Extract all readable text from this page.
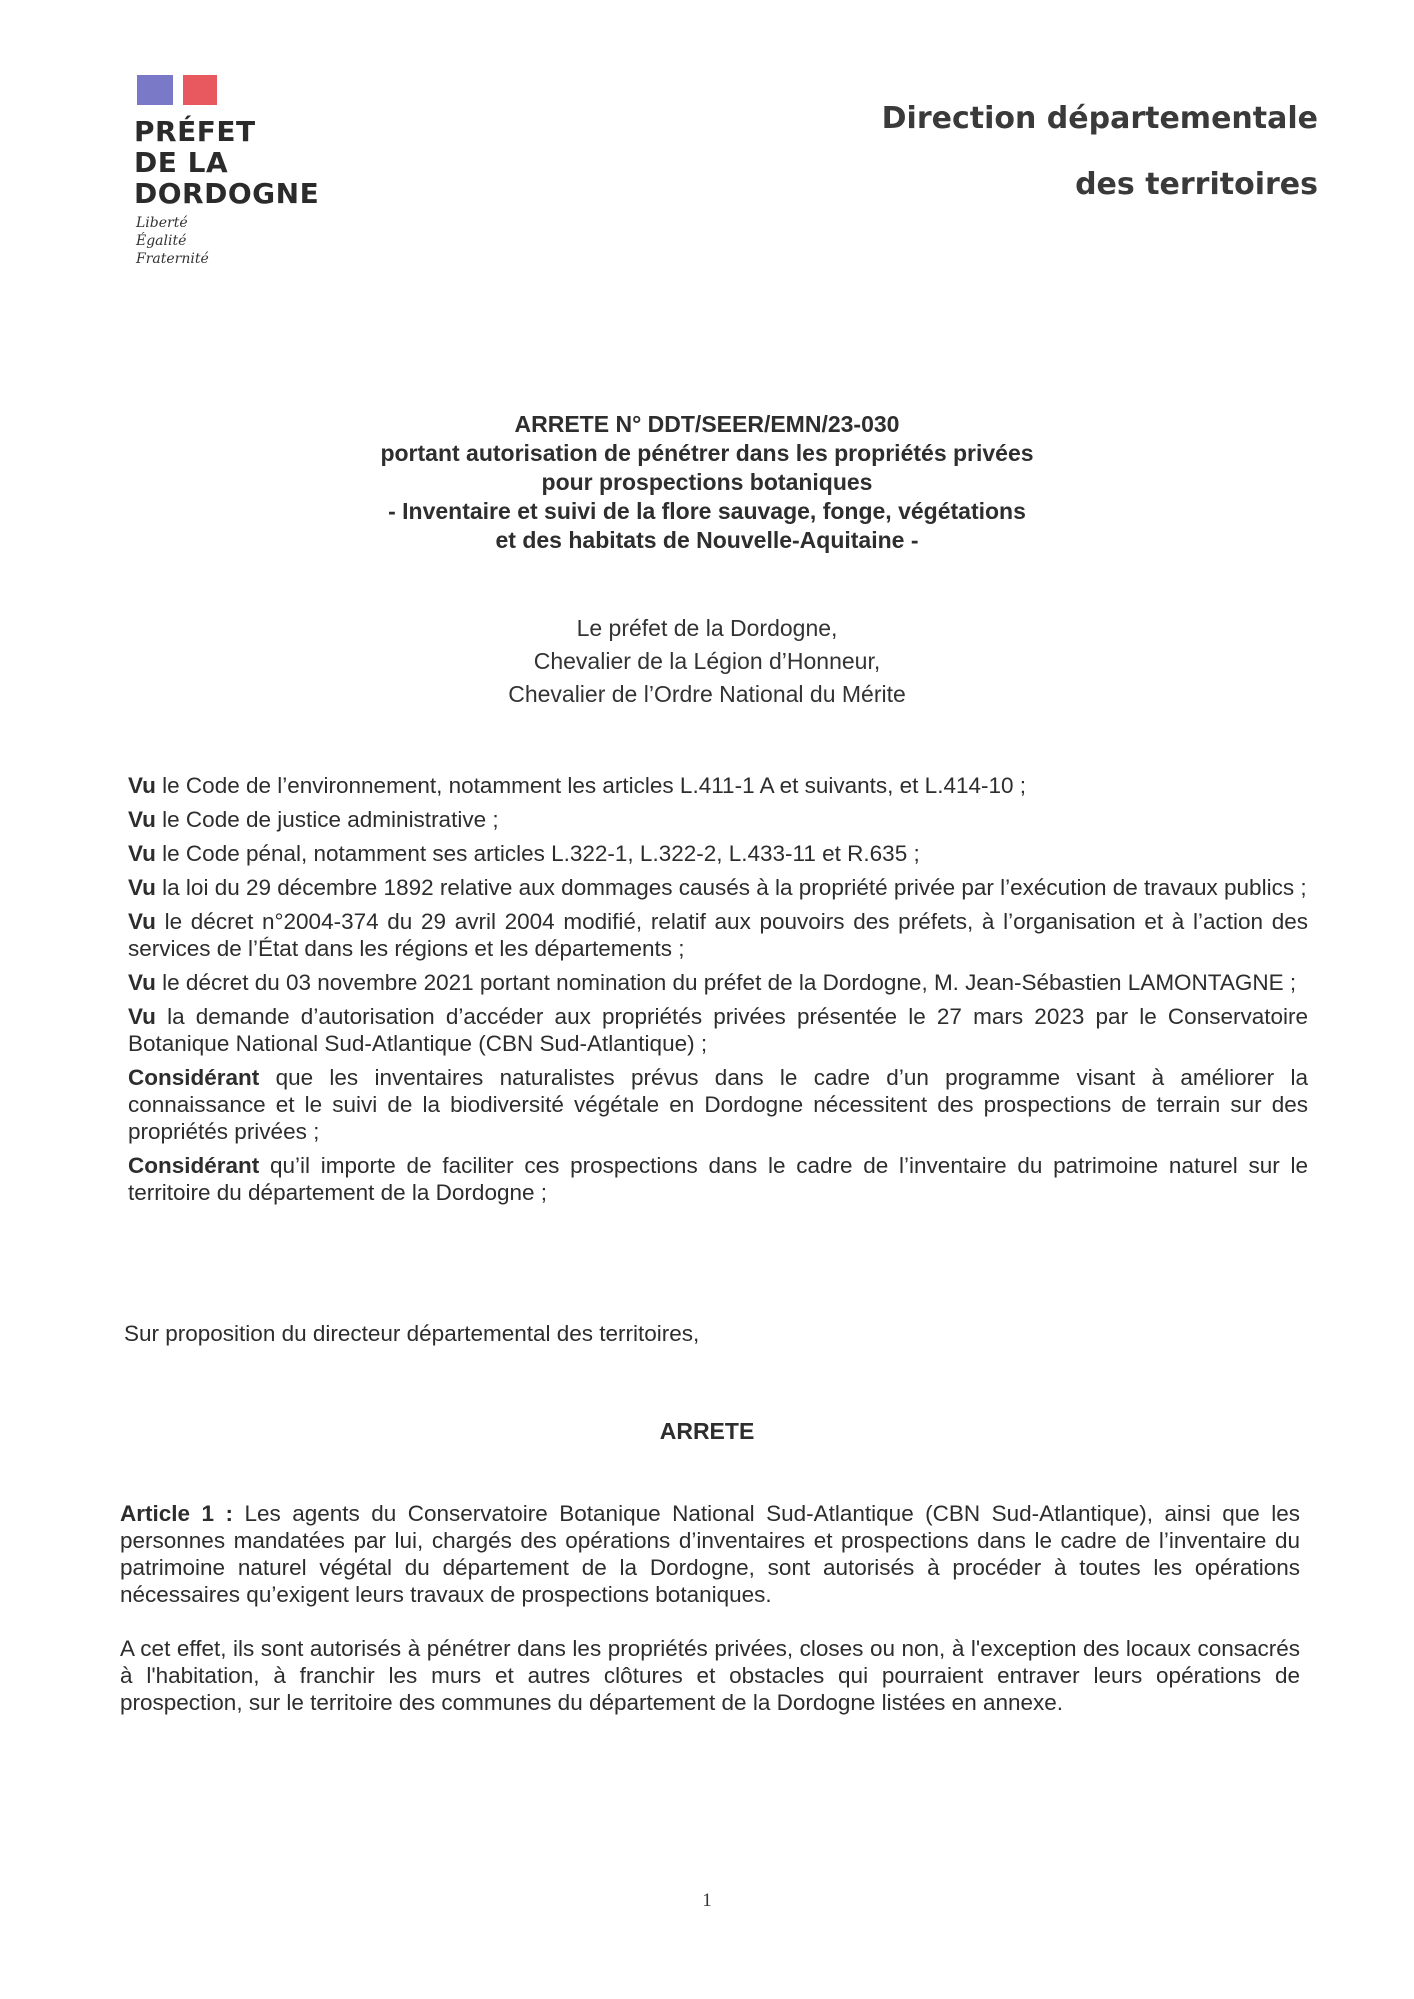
PRÉFET
DE LA
DORDOGNE
Liberté
Égalité
Fraternité
Direction départementale
des territoires
ARRETE N° DDT/SEER/EMN/23-030
portant autorisation de pénétrer dans les propriétés privées
pour prospections botaniques
- Inventaire et suivi de la flore sauvage, fonge, végétations
et des habitats de Nouvelle-Aquitaine -
Le préfet de la Dordogne,
Chevalier de la Légion d’Honneur,
Chevalier de l’Ordre National du Mérite
Vu le Code de l’environnement, notamment les articles L.411-1 A et suivants, et L.414-10 ;
Vu le Code de justice administrative ;
Vu le Code pénal, notamment ses articles L.322-1, L.322-2, L.433-11 et R.635 ;
Vu la loi du 29 décembre 1892 relative aux dommages causés à la propriété privée par l’exécution de travaux publics ;
Vu le décret n°2004-374 du 29 avril 2004 modifié, relatif aux pouvoirs des préfets, à l’organisation et à l’action des services de l’État dans les régions et les départements ;
Vu le décret du 03 novembre 2021 portant nomination du préfet de la Dordogne, M. Jean-Sébastien LAMONTAGNE ;
Vu la demande d’autorisation d’accéder aux propriétés privées présentée le 27 mars 2023 par le Conservatoire Botanique National Sud-Atlantique (CBN Sud-Atlantique) ;
Considérant que les inventaires naturalistes prévus dans le cadre d’un programme visant à améliorer la connaissance et le suivi de la biodiversité végétale en Dordogne nécessitent des prospections de terrain sur des propriétés privées ;
Considérant qu’il importe de faciliter ces prospections dans le cadre de l’inventaire du patrimoine naturel sur le territoire du département de la Dordogne ;
Sur proposition du directeur départemental des territoires,
ARRETE

Article 1 : Les agents du Conservatoire Botanique National Sud-Atlantique (CBN Sud-Atlantique), ainsi que les personnes mandatées par lui, chargés des opérations d’inventaires et prospections dans le cadre de l’inventaire du patrimoine naturel végétal du département de la Dordogne, sont autorisés à procéder à toutes les opérations nécessaires qu’exigent leurs travaux de prospections botaniques.

A cet effet, ils sont autorisés à pénétrer dans les propriétés privées, closes ou non, à l'exception des locaux consacrés à l'habitation, à franchir les murs et autres clôtures et obstacles qui pourraient entraver leurs opérations de prospection, sur le territoire des communes du département de la Dordogne listées en annexe.

1
